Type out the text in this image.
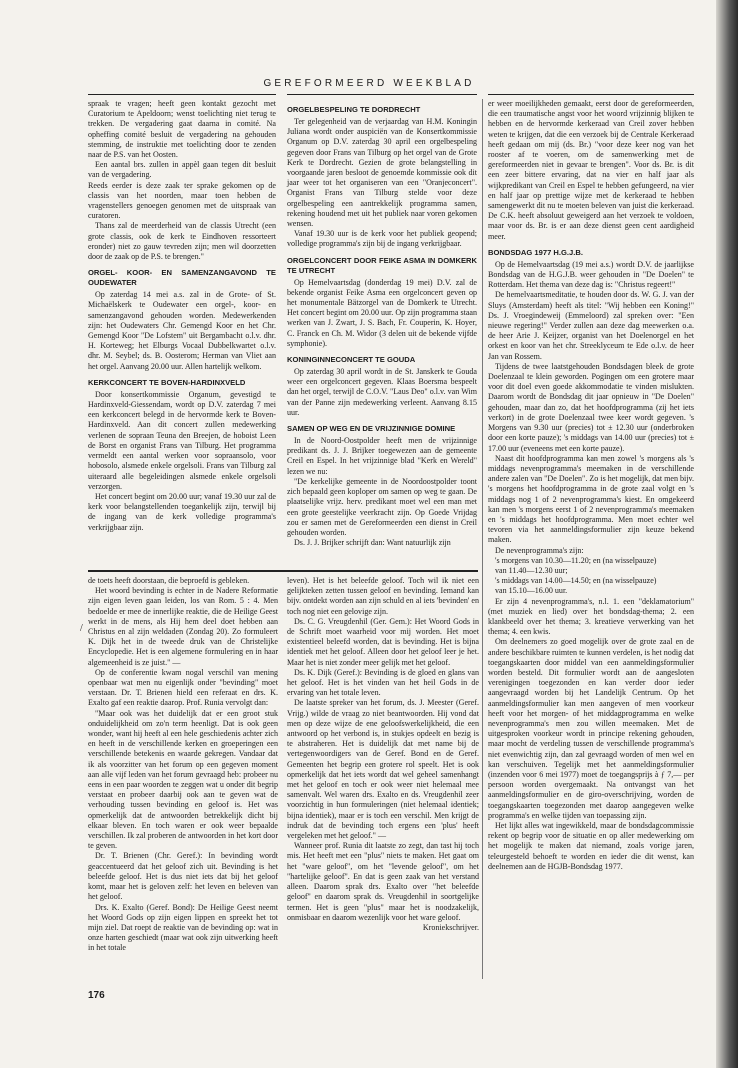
GEREFORMEERD WEEKBLAD

spraak te vragen; heeft geen kontakt gezocht met Curatorium te Apeldoorn; wenst toelichting niet terug te trekken. De vergadering gaat daarna in comité. Na opheffing comité besluit de vergadering na gehouden stemming, de instruktie met toelichting door te zenden naar de P.S. van het Oosten.

Een aantal brs. zullen in appèl gaan tegen dit besluit van de vergadering.

Reeds eerder is deze zaak ter sprake gekomen op de classis van het noorden, maar toen hebben de vragenstellers genoegen genomen met de uitspraak van curatoren.

Thans zal de meerderheid van de classis Utrecht (een grote classis, ook de kerk te Eindhoven ressorteert eronder) niet zo gauw tevreden zijn; men wil doorzetten door de zaak op de P.S. te brengen."

ORGEL- KOOR- EN SAMENZANGAVOND TE OUDEWATER

Op zaterdag 14 mei a.s. zal in de Grote- of St. Michaëlskerk te Oudewater een orgel-, koor- en samenzangavond gehouden worden. Medewerkenden zijn: het Oudewaters Chr. Gemengd Koor en het Chr. Gemengd Koor "De Lofstem" uit Bergambacht o.l.v. dhr. H. Korteweg; het Elburgs Vocaal Dubbelkwartet o.l.v. dhr. M. Seybel; ds. B. Oosterom; Herman van Vliet aan het orgel. Aanvang 20.00 uur. Allen hartelijk welkom.

KERKCONCERT TE BOVEN-HARDINXVELD

Door konsertkommissie Organum, gevestigd te Hardinxveld-Giessendam, wordt op D.V. zaterdag 7 mei een kerkconcert belegd in de hervormde kerk te Boven-Hardinxveld. Aan dit concert zullen medewerking verlenen de sopraan Teuna den Breejen, de hoboist Leen de Borst en organist Frans van Tilburg. Het programma vermeldt een aantal werken voor sopraansolo, voor hobosolo, alsmede enkele orgelsoli. Frans van Tilburg zal uiteraard alle begeleidingen alsmede enkele orgelsoli verzorgen.

Het concert begint om 20.00 uur; vanaf 19.30 uur zal de kerk voor belangstellenden toegankelijk zijn, terwijl bij de ingang van de kerk volledige programma's verkrijgbaar zijn.

ORGELBESPELING TE DORDRECHT

Ter gelegenheid van de verjaardag van H.M. Koningin Juliana wordt onder auspiciën van de Konsertkommissie Organum op D.V. zaterdag 30 april een orgelbespeling gegeven door Frans van Tilburg op het orgel van de Grote Kerk te Dordrecht. Gezien de grote belangstelling in voorgaande jaren besloot de genoemde kommissie ook dit jaar weer tot het organiseren van een "Oranjeconcert". Organist Frans van Tilburg stelde voor deze orgelbespeling een aantrekkelijk programma samen, rekening houdend met uit het publiek naar voren gekomen wensen.

Vanaf 19.30 uur is de kerk voor het publiek geopend; volledige programma's zijn bij de ingang verkrijgbaar.

ORGELCONCERT DOOR FEIKE ASMA IN DOMKERK TE UTRECHT

Op Hemelvaartsdag (donderdag 19 mei) D.V. zal de bekende organist Feike Asma een orgelconcert geven op het monumentale Bätzorgel van de Domkerk te Utrecht. Het concert begint om 20.00 uur. Op zijn programma staan werken van J. Zwart, J. S. Bach, Fr. Couperin, K. Hoyer, C. Franck en Ch. M. Widor (3 delen uit de bekende vijfde symphonie).

KONINGINNECONCERT TE GOUDA

Op zaterdag 30 april wordt in de St. Janskerk te Gouda weer een orgelconcert gegeven. Klaas Boersma bespeelt dan het orgel, terwijl de C.O.V. "Laus Deo" o.l.v. van Wim van der Panne zijn medewerking verleent. Aanvang 8.15 uur.

SAMEN OP WEG EN DE VRIJZINNIGE DOMINE

In de Noord-Oostpolder heeft men de vrijzinnige predikant ds. J. J. Brijker toegewezen aan de gemeente Creil en Espel. In het vrijzinnige blad "Kerk en Wereld" lezen we nu:

"De kerkelijke gemeente in de Noordoostpolder toont zich bepaald geen koploper om samen op weg te gaan. De plaatselijke vrijz. herv. predikant moet wel een man met een grote geestelijke veerkracht zijn. Op Goede Vrijdag zou er samen met de Gereformeerden een dienst in Creil gehouden worden.

Ds. J. J. Brijker schrijft dan: Want natuurlijk zijn

er weer moeilijkheden gemaakt, eerst door de gereformeerden, die een traumatische angst voor het woord vrijzinnig blijken te hebben en de hervormde kerkeraad van Creil zover hebben weten te krijgen, dat die een verzoek bij de Centrale Kerkeraad heeft gedaan om mij (ds. Br.) "voor deze keer nog van het rooster af te voeren, om de samenwerking met de gereformeerden niet in gevaar te brengen". Voor ds. Br. is dit een zeer bittere ervaring, dat na vier en half jaar als wijkpredikant van Creil en Espel te hebben gefungeerd, na vier en half jaar op prettige wijze met de kerkeraad te hebben samengewerkt dit nu te moeten beleven van juist die kerkeraad. De C.K. heeft absoluut geweigerd aan het verzoek te voldoen, maar voor ds. Br. is er aan deze dienst geen cent aardigheid meer.

BONDSDAG 1977 H.G.J.B.

Op de Hemelvaartsdag (19 mei a.s.) wordt D.V. de jaarlijkse Bondsdag van de H.G.J.B. weer gehouden in "De Doelen" te Rotterdam. Het thema van deze dag is: "Christus regeert!"

De hemelvaartsmeditatie, te houden door ds. W. G. J. van der Sluys (Amsterdam) heeft als titel: "Wij hebben een Koning!" Ds. J. Vroegindeweij (Emmeloord) zal spreken over: "Een nieuwe regering!" Verder zullen aan deze dag meewerken o.a. de heer Arie J. Keijzer, organist van het Doelenorgel en het orkest en koor van het chr. Streeklyceum te Ede o.l.v. de heer Jan van Rossem.

Tijdens de twee laatstgehouden Bondsdagen bleek de grote Doelenzaal te klein geworden. Pogingen om een grotere maar voor dit doel even goede akkommodatie te vinden mislukten. Daarom wordt de Bondsdag dit jaar opnieuw in "De Doelen" gehouden, maar dan zo, dat het hoofdprogramma (zij het iets verkort) in de grote Doelenzaal twee keer wordt gegeven. 's Morgens van 9.30 uur (precies) tot ± 12.30 uur (onderbroken door een korte pauze); 's middags van 14.00 uur (precies) tot ± 17.00 uur (eveneens met een korte pauze).

Naast dit hoofdprogramma kan men zowel 's morgens als 's middags nevenprogramma's meemaken in de verschillende andere zalen van "De Doelen". Zo is het mogelijk, dat men bijv. 's morgens het hoofdprogramma in de grote zaal volgt en 's middags nog 1 of 2 nevenprogramma's kiest. En omgekeerd kan men 's morgens eerst 1 of 2 nevenprogramma's meemaken en 's middags het hoofdprogramma. Men moet echter wel tevoren via het aanmeldingsformulier zijn keuze bekend maken.

De nevenprogramma's zijn:

's morgens van 10.30—11.20; en (na wisselpauze)

van 11.40—12.30 uur;

's middags van 14.00—14.50; en (na wisselpauze)

van 15.10—16.00 uur.

Er zijn 4 nevenprogramma's, n.l. 1. een "deklamatorium" (met muziek en lied) over het bondsdag-thema; 2. een klankbeeld over het thema; 3. kreatieve verwerking van het thema; 4. een kwis.

Om deelnemers zo goed mogelijk over de grote zaal en de andere beschikbare ruimten te kunnen verdelen, is het nodig dat toegangskaarten door middel van een aanmeldingsformulier worden besteld. Dit formulier wordt aan de aangesloten verenigingen toegezonden en kan verder door ieder aangevraagd worden bij het Landelijk Centrum. Op het aanmeldingsformulier kan men aangeven of men voorkeur heeft voor het morgen- of het middagprogramma en welke nevenprogramma's men zou willen meemaken. Met de uitgesproken voorkeur wordt in principe rekening gehouden, maar mocht de verdeling tussen de verschillende programma's niet evenwichtig zijn, dan zal gevraagd worden of men wel en kan verschuiven. Tegelijk met het aanmeldingsformulier (inzenden voor 6 mei 1977) moet de toegangsprijs à ƒ 7,— per persoon worden overgemaakt. Na ontvangst van het aanmeldingsformulier en de giro-overschrijving, worden de toegangskaarten toegezonden met daarop aangegeven welke programma's en welke tijden van toepassing zijn.

Het lijkt alles wat ingewikkeld, maar de bondsdagcommissie rekent op begrip voor de situatie en op aller medewerking om het mogelijk te maken dat niemand, zoals vorige jaren, teleurgesteld behoeft te worden en ieder die dit wenst, kan deelnemen aan de HGJB-Bondsdag 1977.

/

de toets heeft doorstaan, die beproefd is gebleken.

Het woord bevinding is echter in de Nadere Reformatie zijn eigen leven gaan leiden, los van Rom. 5 : 4. Men bedoelde er mee de innerlijke reaktie, die de Heilige Geest werkt in de mens, als Hij hem deel doet hebben aan Christus en al zijn weldaden (Zondag 20). Zo formuleert K. Dijk het in de tweede druk van de Christelijke Encyclopedie. Het is een algemene formulering en in haar algemeenheid is ze juist." —

Op de conferentie kwam nogal verschil van mening openbaar wat men nu eigenlijk onder "bevinding" moet verstaan. Dr. T. Brienen hield een referaat en drs. K. Exalto gaf een reaktie daarop. Prof. Runia vervolgt dan:

"Maar ook was het duidelijk dat er een groot stuk onduidelijkheid om zo'n term heenligt. Dat is ook geen wonder, want hij heeft al een hele geschiedenis achter zich en heeft in de verschillende kerken en groeperingen een verschillende betekenis en waarde gekregen. Vandaar dat ik als voorzitter van het forum op een gegeven moment aan alle vijf leden van het forum gevraagd heb: probeer nu eens in een paar woorden te zeggen wat u onder dit begrip verstaat en probeer daarbij ook aan te geven wat de verhouding tussen bevinding en geloof is. Het was opmerkelijk dat de antwoorden betrekkelijk dicht bij elkaar bleven. En toch waren er ook weer bepaalde verschillen. Ik zal proberen de antwoorden in het kort door te geven.

Dr. T. Brienen (Chr. Geref.): In bevinding wordt geaccentueerd dat het geloof zich uit. Bevinding is het beleefde geloof. Het is dus niet iets dat bij het geloof komt, maar het is geloven zelf: het leven en beleven van het geloof.

Drs. K. Exalto (Geref. Bond): De Heilige Geest neemt het Woord Gods op zijn eigen lippen en spreekt het tot mijn ziel. Dat roept de reaktie van de bevinding op: wat in onze harten geschiedt (maar wat ook zijn uitwerking heeft in het totale

leven). Het is het beleefde geloof. Toch wil ik niet een gelijkteken zetten tussen geloof en bevinding. Iemand kan bijv. ontdekt worden aan zijn schuld en al iets 'bevinden' en toch nog niet een gelovige zijn.

Ds. C. G. Vreugdenhil (Ger. Gem.): Het Woord Gods in de Schrift moet waarheid voor mij worden. Het moet existentieel beleefd worden, dat is bevinding. Het is bijna identiek met het geloof. Alleen door het geloof leer je het. Maar het is niet zonder meer gelijk met het geloof.

Ds. K. Dijk (Geref.): Bevinding is de gloed en glans van het geloof. Het is het vinden van het heil Gods in de ervaring van het totale leven.

De laatste spreker van het forum, ds. J. Meester (Geref. Vrijg.) wilde de vraag zo niet beantwoorden. Hij vond dat men op deze wijze de ene geloofswerkelijkheid, die een antwoord op het verbond is, in stukjes opdeelt en bezig is te abstraheren. Het is duidelijk dat met name bij de vertegenwoordigers van de Geref. Bond en de Geref. Gemeenten het begrip een grotere rol speelt. Het is ook opmerkelijk dat het iets wordt dat wel geheel samenhangt met het geloof en toch er ook weer niet helemaal mee samenvalt. Wel waren drs. Exalto en ds. Vreugdenhil zeer voorzichtig in hun formuleringen (niet helemaal identiek; bijna identiek), maar er is toch een verschil. Men krijgt de indruk dat de bevinding toch ergens een 'plus' heeft vergeleken met het geloof." —

Wanneer prof. Runia dit laatste zo zegt, dan tast hij toch mis. Het heeft met een "plus" niets te maken. Het gaat om het "ware geloof", om het "levende geloof", om het "hartelijke geloof". En dat is geen zaak van het verstand alleen. Daarom sprak drs. Exalto over "het beleefde geloof" en daarom sprak ds. Vreugdenhil in soortgelijke termen. Het is geen "plus" maar het is noodzakelijk, onmisbaar en daarom wezenlijk voor het ware geloof.

Kroniekschrijver.

176
